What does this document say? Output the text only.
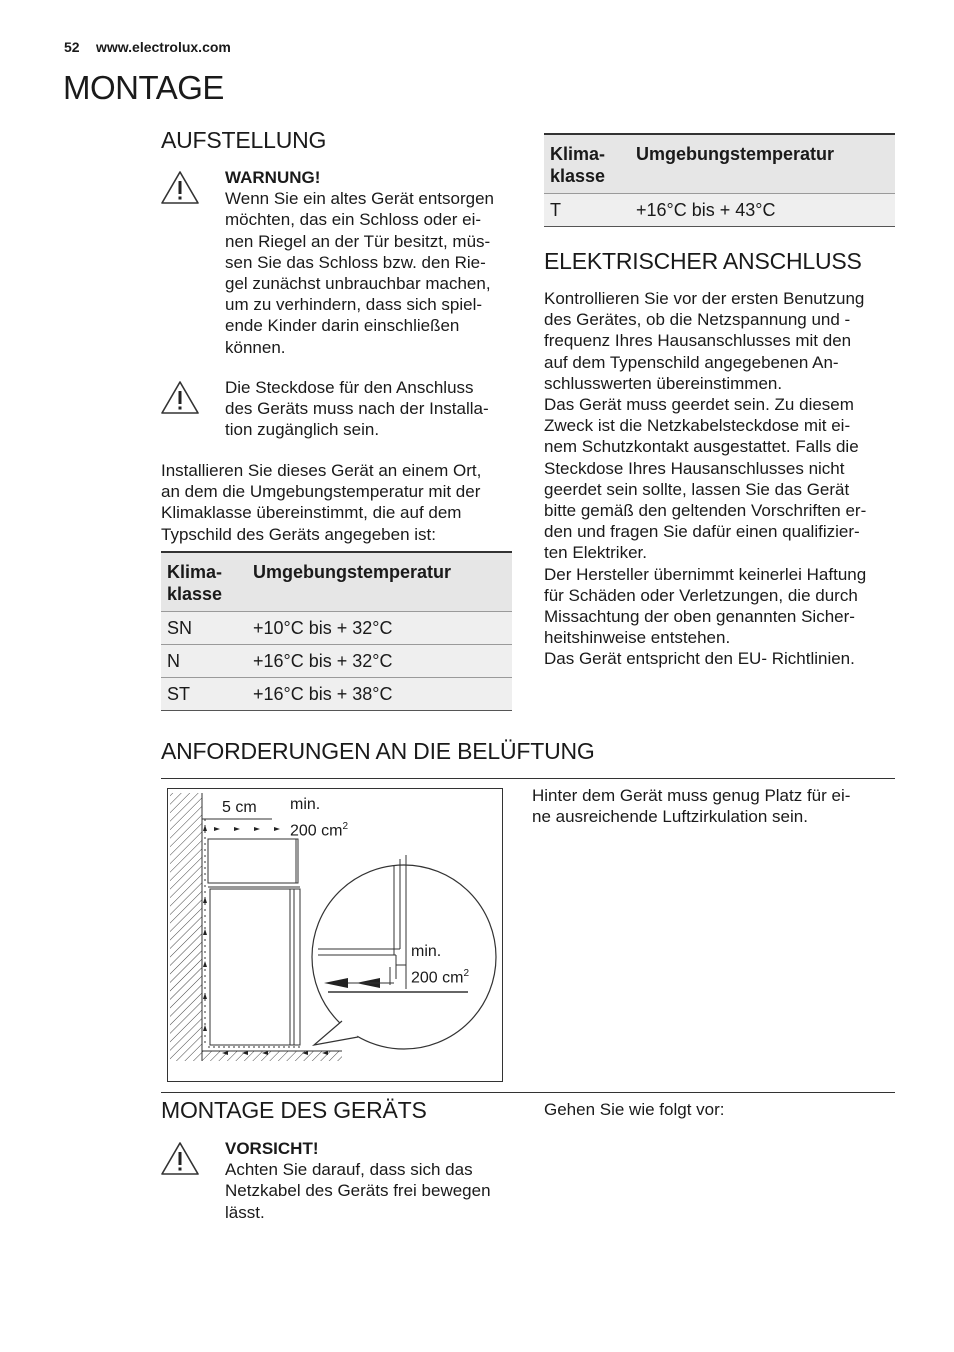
52 www.electrolux.com
MONTAGE
AUFSTELLUNG
WARNUNG!
Wenn Sie ein altes Gerät entsorgen
möchten, das ein Schloss oder ei-
nen Riegel an der Tür besitzt, müs-
sen Sie das Schloss bzw. den Rie-
gel zunächst unbrauchbar machen,
um zu verhindern, dass sich spiel-
ende Kinder darin einschließen
können.
Die Steckdose für den Anschluss
des Geräts muss nach der Installa-
tion zugänglich sein.
Installieren Sie dieses Gerät an einem Ort,
an dem die Umgebungstemperatur mit der
Klimaklasse übereinstimmt, die auf dem
Typschild des Geräts angegeben ist:
Klima-
klasse	Umgebungstemperatur
SN	+10°C bis + 32°C
N	+16°C bis + 32°C
ST	+16°C bis + 38°C
Klima-
klasse	Umgebungstemperatur
T	+16°C bis + 43°C
ELEKTRISCHER ANSCHLUSS
Kontrollieren Sie vor der ersten Benutzung
des Gerätes, ob die Netzspannung und -
frequenz Ihres Hausanschlusses mit den
auf dem Typenschild angegebenen An-
schlusswerten übereinstimmen.
Das Gerät muss geerdet sein. Zu diesem
Zweck ist die Netzkabelsteckdose mit ei-
nem Schutzkontakt ausgestattet. Falls die
Steckdose Ihres Hausanschlusses nicht
geerdet sein sollte, lassen Sie das Gerät
bitte gemäß den geltenden Vorschriften er-
den und fragen Sie dafür einen qualifizier-
ten Elektriker.
Der Hersteller übernimmt keinerlei Haftung
für Schäden oder Verletzungen, die durch
Missachtung der oben genannten Sicher-
heitshinweise entstehen.
Das Gerät entspricht den EU- Richtlinien.
ANFORDERUNGEN AN DIE BELÜFTUNG
5 cm min.
200 $cm^2$
min.
200 $cm^2$
Hinter dem Gerät muss genug Platz für ei-
ne ausreichende Luftzirkulation sein.
MONTAGE DES GERÄTS	Gehen Sie wie folgt vor:
VORSICHT!
Achten Sie darauf, dass sich das
Netzkabel des Geräts frei bewegen
lässt.
